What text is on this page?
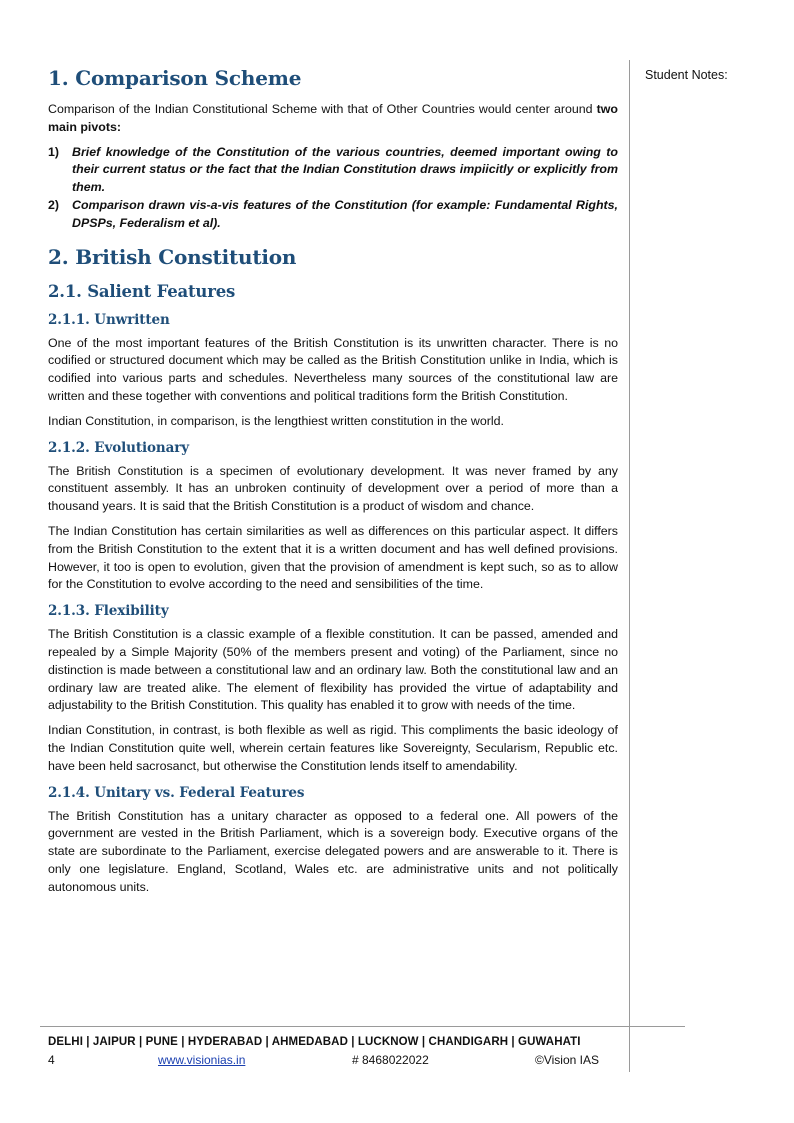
Student Notes:
1. Comparison Scheme

Comparison of the Indian Constitutional Scheme with that of Other Countries would center around two main pivots:

1) Brief knowledge of the Constitution of the various countries, deemed important owing to their current status or the fact that the Indian Constitution draws impiicitly or explicitly from them.
2) Comparison drawn vis-a-vis features of the Constitution (for example: Fundamental Rights, DPSPs, Federalism et al).
2. British Constitution
2.1. Salient Features
2.1.1. Unwritten

One of the most important features of the British Constitution is its unwritten character. There is no codified or structured document which may be called as the British Constitution unlike in India, which is codified into various parts and schedules. Nevertheless many sources of the constitutional law are written and these together with conventions and political traditions form the British Constitution.

Indian Constitution, in comparison, is the lengthiest written constitution in the world.

2.1.2. Evolutionary

The British Constitution is a specimen of evolutionary development. It was never framed by any constituent assembly. It has an unbroken continuity of development over a period of more than a thousand years. It is said that the British Constitution is a product of wisdom and chance.

The Indian Constitution has certain similarities as well as differences on this particular aspect. It differs from the British Constitution to the extent that it is a written document and has well defined provisions. However, it too is open to evolution, given that the provision of amendment is kept such, so as to allow for the Constitution to evolve according to the need and sensibilities of the time.

2.1.3. Flexibility

The British Constitution is a classic example of a flexible constitution. It can be passed, amended and repealed by a Simple Majority (50% of the members present and voting) of the Parliament, since no distinction is made between a constitutional law and an ordinary law. Both the constitutional law and an ordinary law are treated alike. The element of flexibility has provided the virtue of adaptability and adjustability to the British Constitution. This quality has enabled it to grow with needs of the time.

Indian Constitution, in contrast, is both flexible as well as rigid. This compliments the basic ideology of the Indian Constitution quite well, wherein certain features like Sovereignty, Secularism, Republic etc. have been held sacrosanct, but otherwise the Constitution lends itself to amendability.

2.1.4. Unitary vs. Federal Features

The British Constitution has a unitary character as opposed to a federal one. All powers of the government are vested in the British Parliament, which is a sovereign body. Executive organs of the state are subordinate to the Parliament, exercise delegated powers and are answerable to it. There is only one legislature. England, Scotland, Wales etc. are administrative units and not politically autonomous units.

DELHI | JAIPUR | PUNE | HYDERABAD | AHMEDABAD | LUCKNOW | CHANDIGARH | GUWAHATI
4	www.visionias.in	# 8468022022	©Vision IAS
